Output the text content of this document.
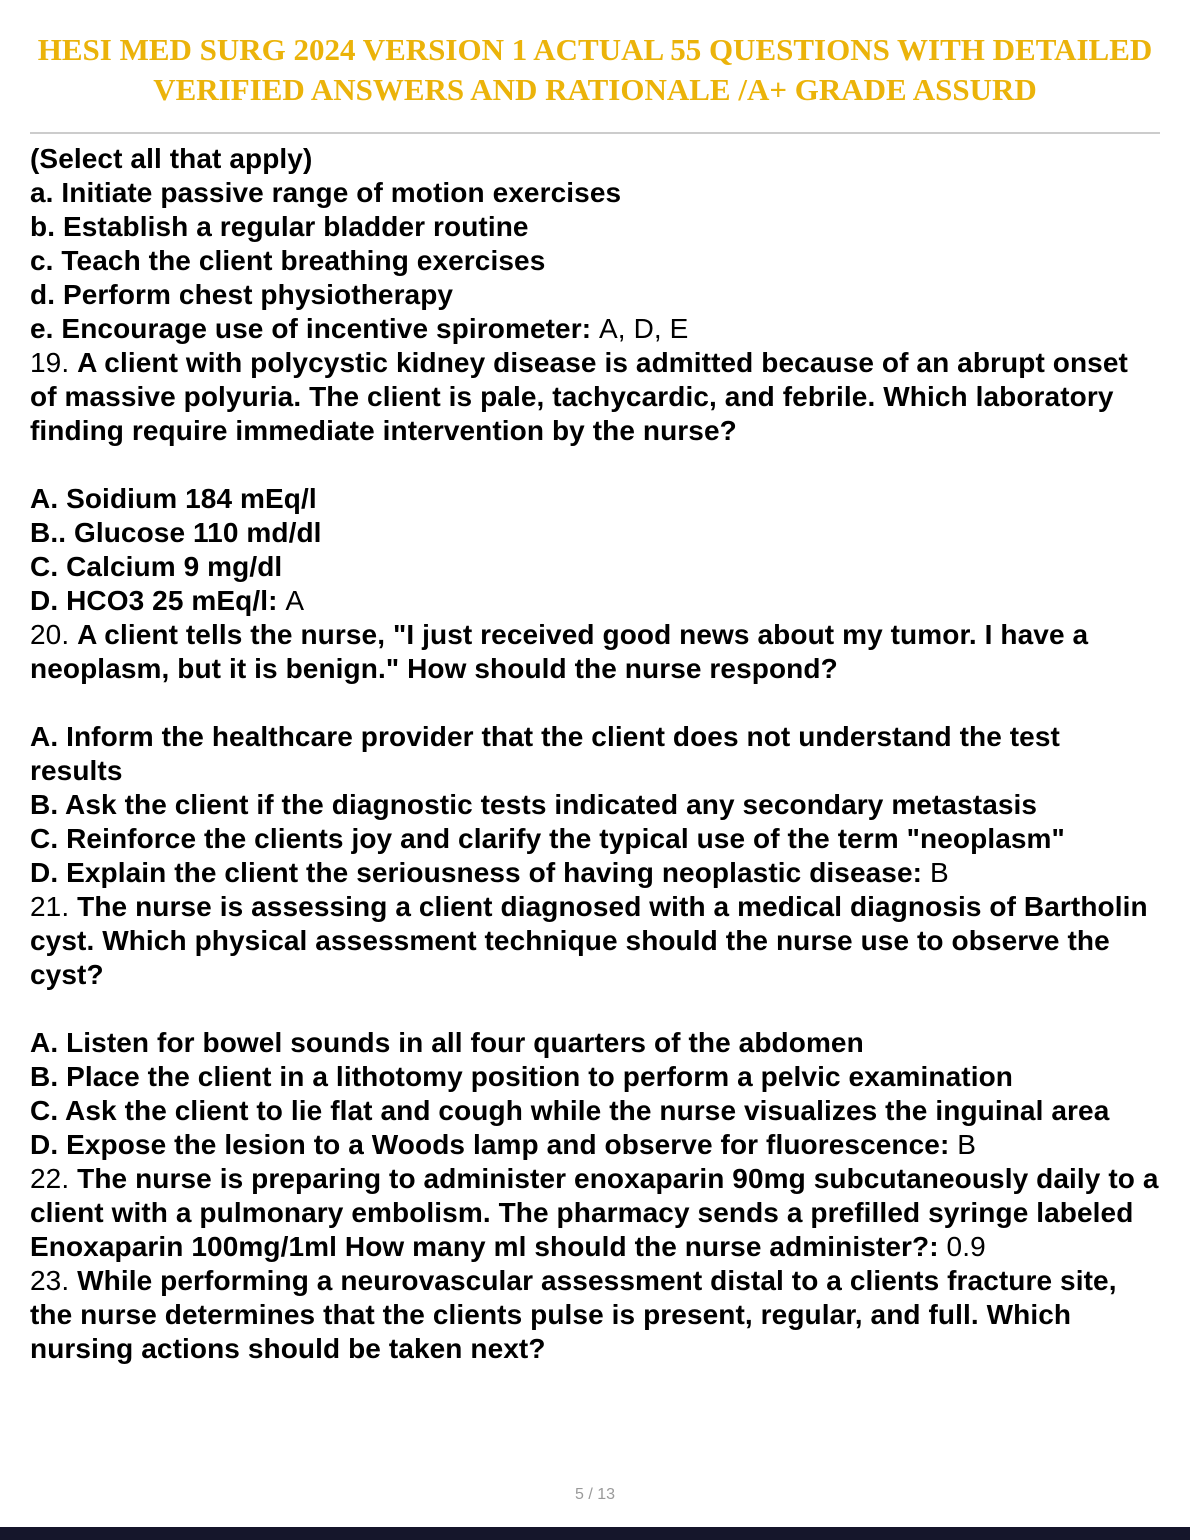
HESI MED SURG 2024 VERSION 1 ACTUAL 55 QUESTIONS WITH DETAILED
VERIFIED ANSWERS AND RATIONALE /A+ GRADE ASSURD

(Select all that apply)

a. Initiate passive range of motion exercises

b. Establish a regular bladder routine

c. Teach the client breathing exercises

d. Perform chest physiotherapy

e. Encourage use of incentive spirometer: A, D, E

19. A client with polycystic kidney disease is admitted because of an abrupt onset of massive polyuria. The client is pale, tachycardic, and febrile. Which laboratory finding require immediate intervention by the nurse?

A. Soidium 184 mEq/l

B.. Glucose 110 md/dl

C. Calcium 9 mg/dl

D. HCO3 25 mEq/l: A

20. A client tells the nurse, "I just received good news about my tumor. I have a neoplasm, but it is benign." How should the nurse respond?

A. Inform the healthcare provider that the client does not understand the test results

B. Ask the client if the diagnostic tests indicated any secondary metastasis

C. Reinforce the clients joy and clarify the typical use of the term "neoplasm"

D. Explain the client the seriousness of having neoplastic disease: B

21. The nurse is assessing a client diagnosed with a medical diagnosis of Bartholin cyst. Which physical assessment technique should the nurse use to observe the cyst?

A. Listen for bowel sounds in all four quarters of the abdomen

B. Place the client in a lithotomy position to perform a pelvic examination

C. Ask the client to lie flat and cough while the nurse visualizes the inguinal area

D. Expose the lesion to a Woods lamp and observe for fluorescence: B

22. The nurse is preparing to administer enoxaparin 90mg subcutaneously daily to a client with a pulmonary embolism. The pharmacy sends a prefilled syringe labeled Enoxaparin 100mg/1ml How many ml should the nurse administer?: 0.9

23. While performing a neurovascular assessment distal to a clients fracture site, the nurse determines that the clients pulse is present, regular, and full. Which nursing actions should be taken next?

5 / 13
